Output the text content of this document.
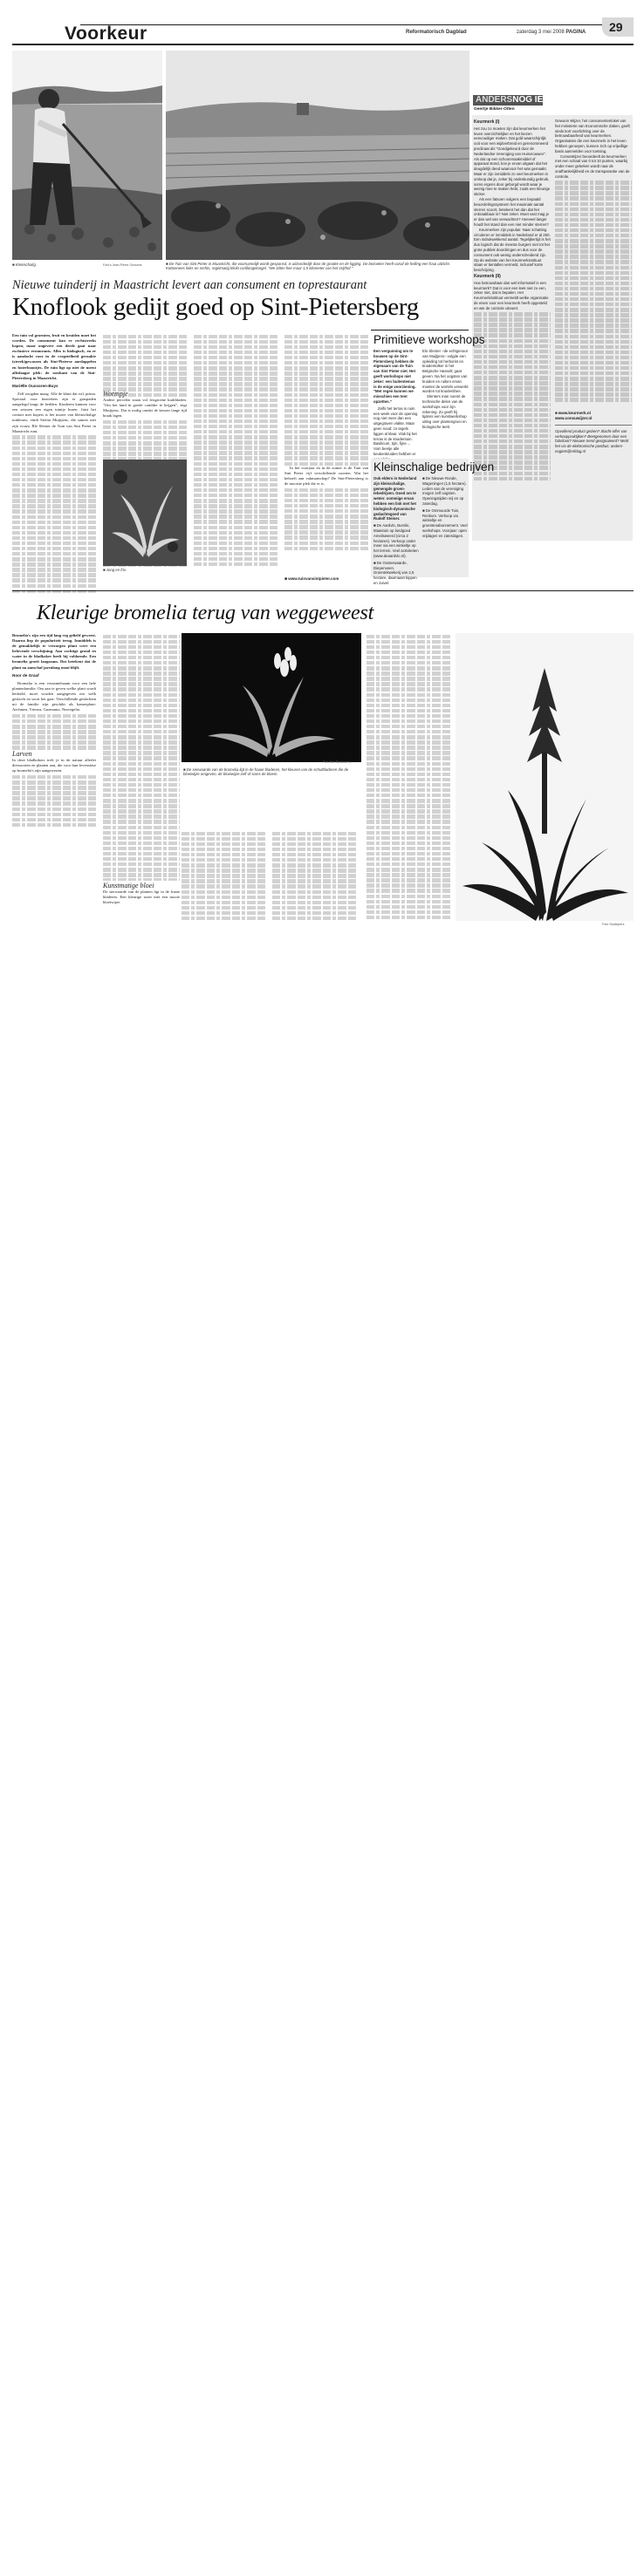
Voorkeur	Reformatorisch Dagblad	zaterdag 3 mei 2008 PAGINA 29
■ Kleinschalig.	Foto's Jean-Pierre Geusens	■ De Tuin van Sint Pieter in Maastricht, die voornamelijk wordt gesponsd, is uitzonderlijk door de grootte en de ligging. De bezoeker heeft vanaf de helling een fraai uitzicht. Kottonnees links en rechts, regelmatig klinkt carillongelongel. "We zitten hier maar 1,5 kilometer van het Vrijthof."
ANDERSNOG IETS
Geertje Bikker-Otten
Keurmerk (I)

Het zou zo moeten zijn dat keurmerken het leven overzichtelijker en het kiezen eenvoudiger maken. Dat gold waarschijnlijk ooit voor een wijdverbreid en gerenommeerd predicaat als "Goedgekeurd door de Nederlandse Vereniging van Huisvrouwen". Als dat op een schoonmaakmiddel of apparaat stond, kon je ervan uitgaan dat het deugdelijk deed waarvoor het was gemaakt. Maar er zijn inmiddels zo veel keurmerken in omloop dat je, zeker bij ondeskundig gebruik, soms ergens door geborgd wordt waar je weinig mee te maken hebt, zoals een kleurige sticker.

Als een fatsoen volgens een bepaald beoordelingssysteem het maximale aantal sterren scoort, betekent het dan dat het onkraakbaar is? Niet zeker. Moet vast mag je er dan wel van verwachten? Hoeveel langer houdt het stand dan een niet minder sterren?

Keurmerken zijn populair. Naar schatting circuleren er inmiddels in Nederland er al 250. Een indrukwekkend aantal. Tegelijkertijd is het dus logisch dat de meeste burgers niet tot het grote publiek doordringen en dus voor de consument ook weinig onderscheidend zijn. Op de website van het Keurmerkinstituut staan er tientallen vermeld, inclusief korte beschrijving.

Keurmerk (II)

Hoe betrouwbaar dan wel informatief is een keurmerk? Dat is voor een leek niet zo een, zeker niet, dat is bepalen. Het Keurmerkinstituut vermeldt welke organisatie de eisen voor een keurmerk heeft opgesteld en wie de controle uitvoert.

Gewoon Wijzer, het consumentenloket van het ministerie van Economische Zaken, geeft sinds kort voorlichting over de betrouwbaarheid van keurmerken. Organisaties die een keurmerk in het leven hebben geroepen, kunnen zich op vrijwillige basis aanmelden voor toetsing.

ConsuWijzer beoordeelt de keurmerken met een schaal van 0 tot 10 punten, waarbij onder meer gekeken wordt naar de onafhankelijkheid en de transparantie van de controle.

■ www.keurmerk.nl
www.consuwijzer.nl

Opvallend product gezien? Slacht-offer van verkooppraktijken? Beetgenomen door een fabrikant? Nieuwe trend gesignaleerd? Meld het via de elektronische postbus: anders-nogiets@refdag.nl

Nieuwe tuinderij in Maastricht levert aan consument en toprestaurant
Knoflook gedijt goed op Sint-Pietersberg

Een tuin vol groenten, fruit en kruiden moet het worden. De consument kan er rechtstreeks kopen, maar ongeveer een derde gaat naar exclusieve restaurants. Alles is biologisch, en er is aandacht voor in de vergetelheid geraakte (streek)gewassen als Sint-Pieterse aardappelen en boterboontjes. De tuin ligt op niet de meest alledaagse plek: de oostkant van de Sint-Pietersberg in Maastricht.

Mariëlle Oussoren-Buys

Zelf zoogden maag. Alle de klant dat wil, prima. Speciaal voor bezoekers zijn er graspaden aangelegd langs de bedden. Kinderen kunnen voor een seizoen een eigen tuintje huren. Juist het contact met kopers is het mooie van kleinschalige tuinbouw, vindt Stefan Muijtjens, die samen met zijn vrouw Ble Slenter de Tuin van Sint Pieter in Maastricht runt.

Wormpje

Andere percelen staan vol frisgroene kurkbladen. "Om het land in goede conditie te krijgen", zegt Muijtjens. Dat is nodig omdat de kessen lange tijd braak lagen.

■ Jong en fris.

In het voorjaar en in de zomer is de Tuin van Sint Pieter vijf verschillende soorten. Wat het behoeft aan vakmanschap? De Sint-Pietersberg is de mooiste plek die er is.

■ www.tuinvansintpieter.com
Primitieve workshops

Een vergunning om te bouwen op de Sint-Pietersberg hebben de eigenaars van de Tuin van Sint Pieter niet. Het geeft workshops niet zeker: een buitentemas is de enige voorziening. "Met regen kunnen we misschien een tent opzetten."

Zelfs het terras is ruim een week voor de opening nog niet meer dan een uitgegraven vlakte. Maar geen nood: zo tegels liggen al klaar. Vlak bij het terras is de kruidentuin. Basilicum, tijm, fijne ... Vom beetje alle keukenkruiden hebben er

Elo Slenter –de echtgenoot van Muijtjens– volgde een opleiding tot herborist en kruidentolker in het Belgische Hasselt; gaat geven. Na het oogsten van kruiden en ruiken ervan moeten de wortels verwerkt worden tot kruidenthee.

Slenters man noemt de technische delen van de workshops voor zijn rekening. Zo geeft hij tijdens een kunstwerkshop uitleg over plantengroei en biologische teelt.

Kleinschalige bedrijven

Ook elders in Nederland zijn kleinschalige, gemengde groentebedrijven. Goed om te weten: sommige ervan hebben een link met het biologisch-dynamische gedachtegoed van Rudolf Steiner.

■ De Aardvlo, Burniki, Maastuin op landgoed Amelisweerd (circa 2 hectares). Verkoop onder meer via een winkeltje op het terrein. Veel activiteiten (www.deaardvlo.nl).

■ De Oosterwaarde, Diepenveen. Groentekwekerij van 2,5 hectare, daarnaast kippen en zuivel.

■ De Nieuwe Ronde, Wageningen (1,5 hectare). Leden van de vereniging mogen zelf oogsten. Openingstijden vrij en op zaterdag.

■ De Ommuurde Tuin, Renkum. Verkoop via winkeltje en groentenabonnement. Veel workshops. Voorjaar: open vrijdagen en zaterdagen.

Kleurige bromelia terug van weggeweest

Bromelia's zijn een tijd lang erg geliefd geweest. Daarna liep de populariteit terug. Inmiddels is de gemakkelijk te verzorgen plant weer een belovende verschijning. Aan vochtige grond en water in de bladkoker heeft hij voldoende. Een bromelia groeit langzaam. Dat betekent dat de plant na aanschaf jarenlang mooi blijft.

Noor de Graaf

Bromelia is een verzamelnaam voor een hele plantenfamilie. Om aan te geven welke plant wordt bedoeld, moet worden aangegeven om welk geslacht en soort het gaat. Verschillende geslachten uit de familie zijn geschikt als kamerplant: Aechmea, Vriesea, Guzmania, Neoregelia.

Larven

In deze bladkokers treft je in de natuur allerlei diersoorten en planten aan, die voor hun levensfase op bromelia's zijn aangewezen.	■ De sierwaarde van de bromelia ligt in de fraaie bladeren, het kleuren van de schutbladeren die de bloeiwijze omgeven, de bloeiwijze zelf of soms de bloem.
Foto Ilse Eyskovens
Kunstmatige bloei

De sierwaarde van de planten ligt in de fraaie bladeren. Een kleurige rozet met een mooie bloeiwijze.

Foto Studiopers
